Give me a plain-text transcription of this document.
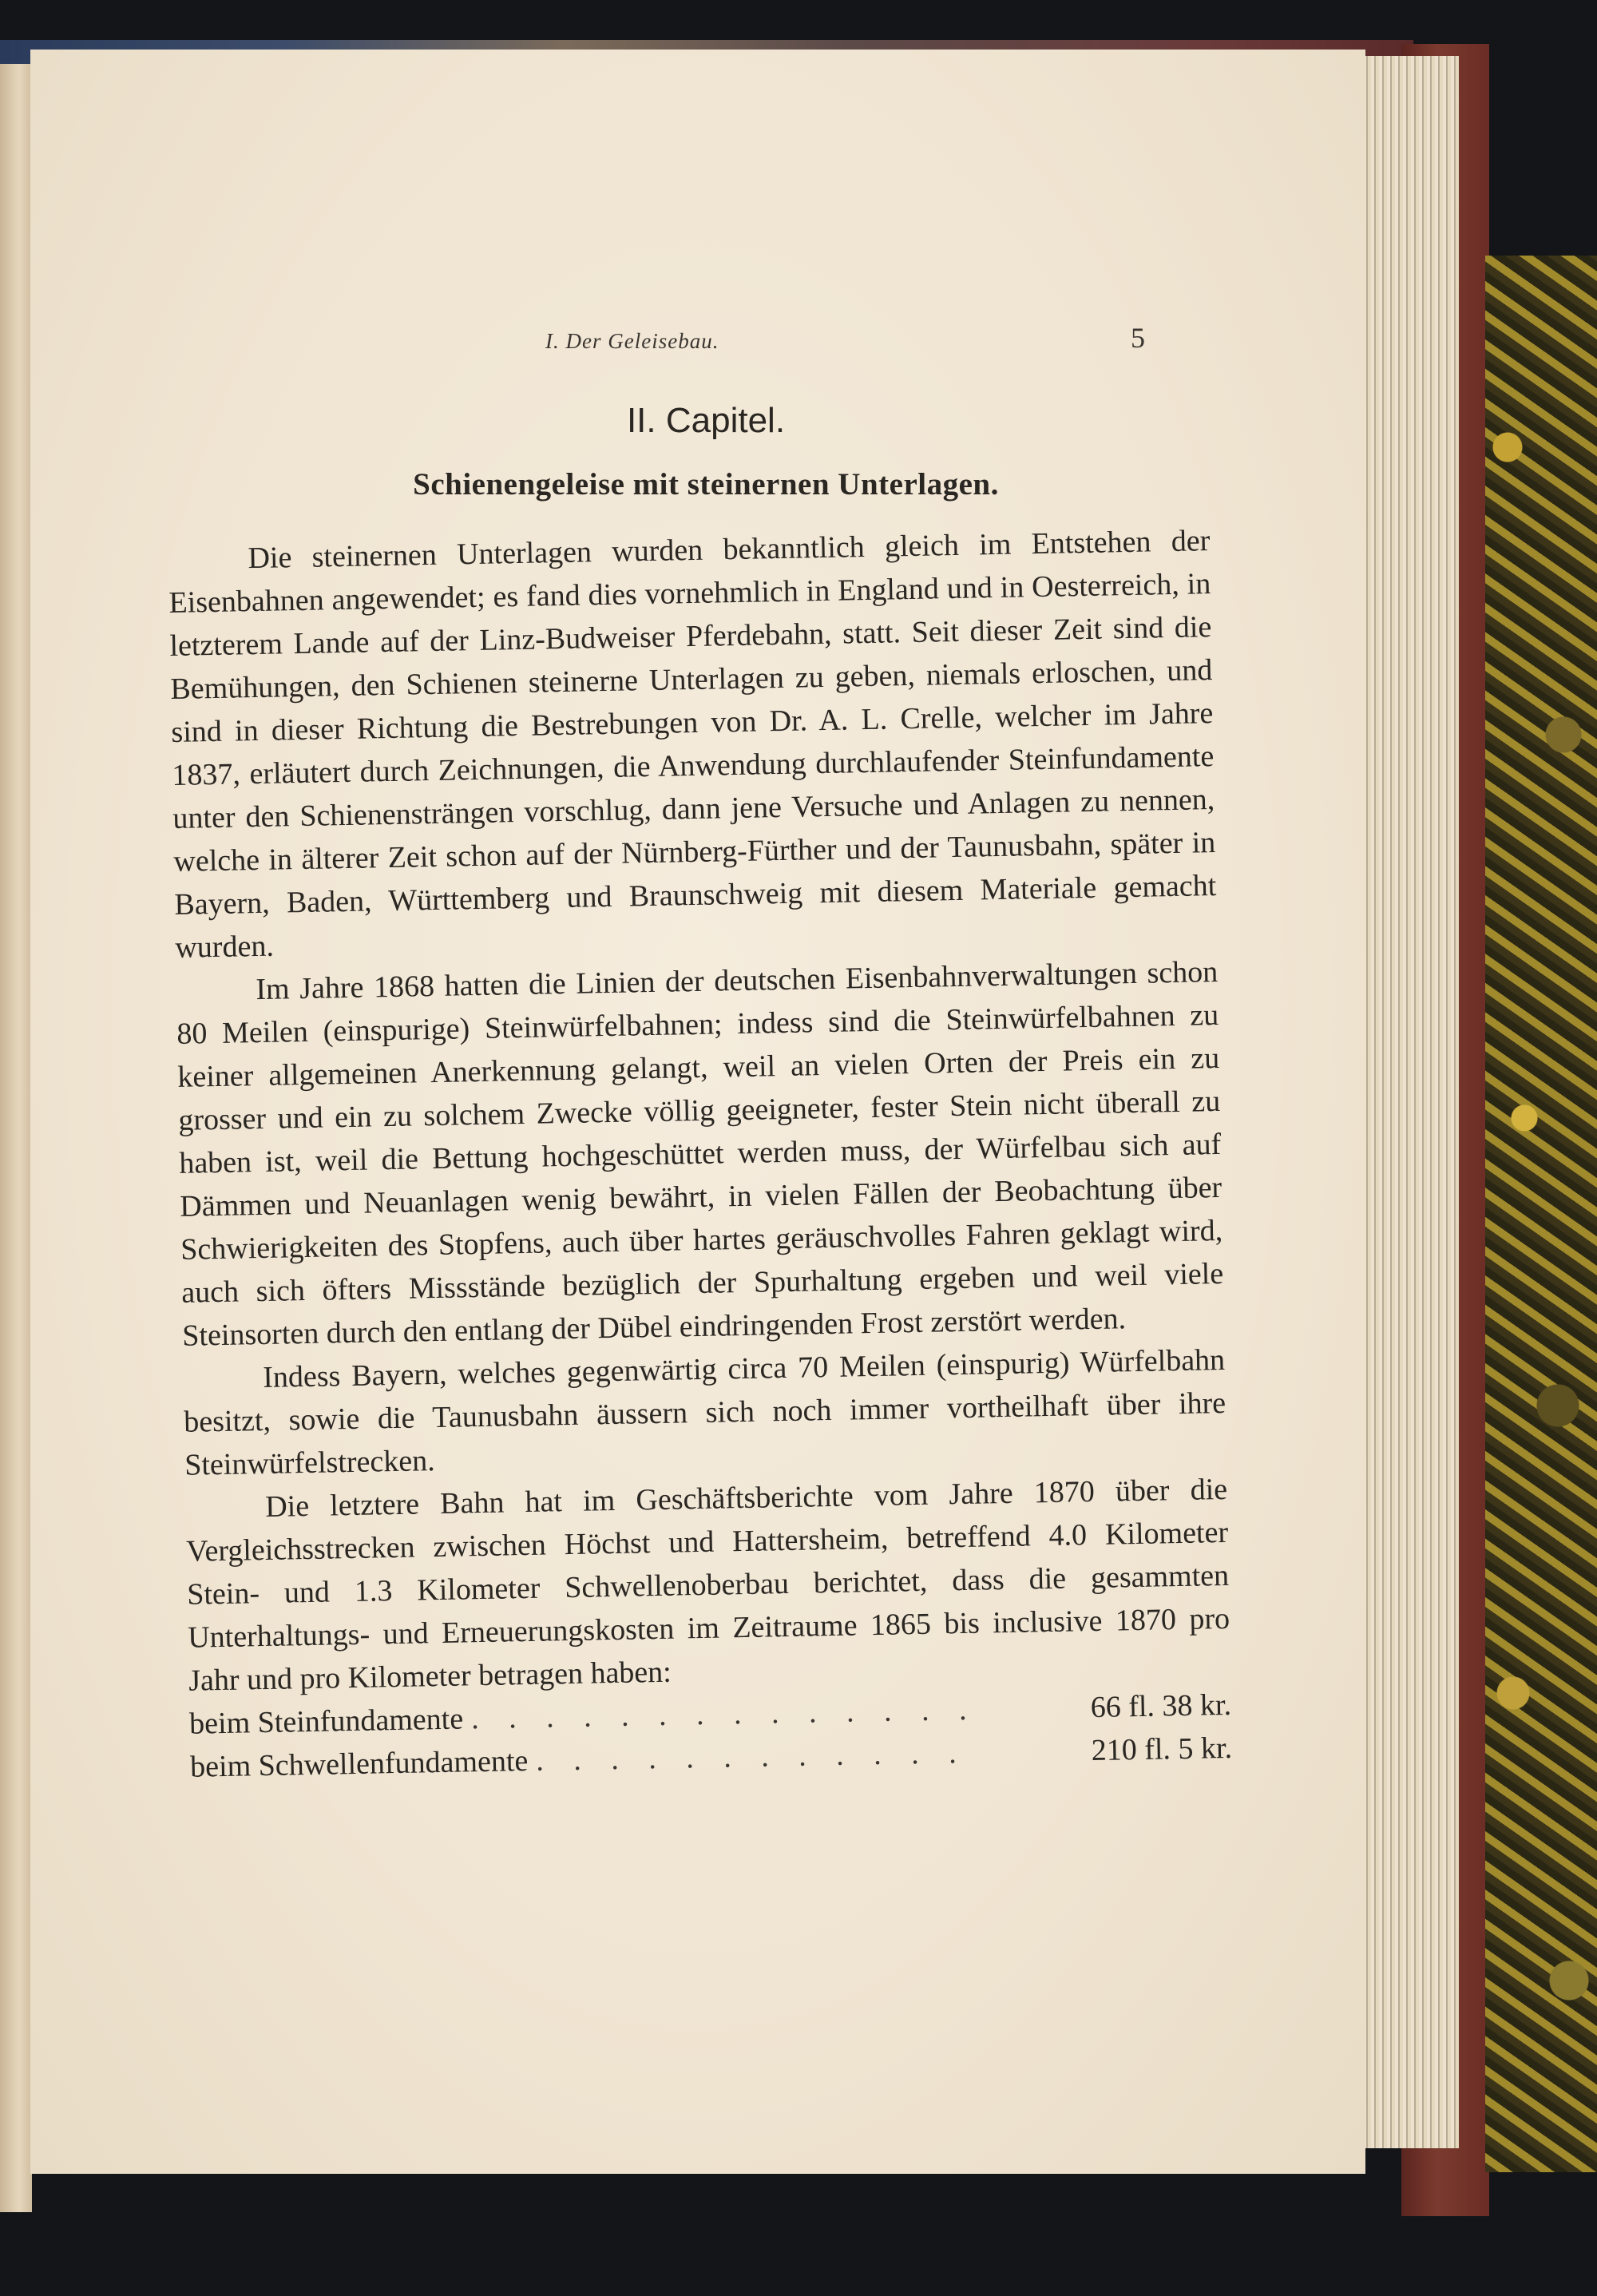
I. Der Geleisebau.	5
II. Capitel.
Schienengeleise mit steinernen Unterlagen.

Die steinernen Unterlagen wurden bekanntlich gleich im Entstehen der Eisenbahnen angewendet; es fand dies vornehmlich in England und in Oesterreich, in letzterem Lande auf der Linz-Budweiser Pferdebahn, statt. Seit dieser Zeit sind die Bemühungen, den Schienen steinerne Unterlagen zu geben, niemals erloschen, und sind in dieser Richtung die Bestrebungen von Dr. A. L. Crelle, welcher im Jahre 1837, erläutert durch Zeichnungen, die Anwendung durchlaufender Steinfundamente unter den Schienensträngen vorschlug, dann jene Versuche und Anlagen zu nennen, welche in älterer Zeit schon auf der Nürnberg-Fürther und der Taunusbahn, später in Bayern, Baden, Württemberg und Braunschweig mit diesem Materiale gemacht wurden.

Im Jahre 1868 hatten die Linien der deutschen Eisenbahnverwaltungen schon 80 Meilen (einspurige) Steinwürfelbahnen; indess sind die Steinwürfelbahnen zu keiner allgemeinen Anerkennung gelangt, weil an vielen Orten der Preis ein zu grosser und ein zu solchem Zwecke völlig geeigneter, fester Stein nicht überall zu haben ist, weil die Bettung hochgeschüttet werden muss, der Würfelbau sich auf Dämmen und Neuanlagen wenig bewährt, in vielen Fällen der Beobachtung über Schwierigkeiten des Stopfens, auch über hartes geräuschvolles Fahren geklagt wird, auch sich öfters Missstände bezüglich der Spurhaltung ergeben und weil viele Steinsorten durch den entlang der Dübel eindringenden Frost zerstört werden.

Indess Bayern, welches gegenwärtig circa 70 Meilen (einspurig) Würfelbahn besitzt, sowie die Taunusbahn äussern sich noch immer vortheilhaft über ihre Steinwürfelstrecken.

Die letztere Bahn hat im Geschäftsberichte vom Jahre 1870 über die Vergleichsstrecken zwischen Höchst und Hattersheim, betreffend 4.0 Kilometer Stein- und 1.3 Kilometer Schwellenoberbau berichtet, dass die gesammten Unterhaltungs- und Erneuerungskosten im Zeitraume 1865 bis inclusive 1870 pro Jahr und pro Kilometer betragen haben:

beim Steinfundamente . . . . . . . . . . . . . .	66 fl. 38 kr.
beim Schwellenfundamente . . . . . . . . . . . .	210 fl. 5 kr.
